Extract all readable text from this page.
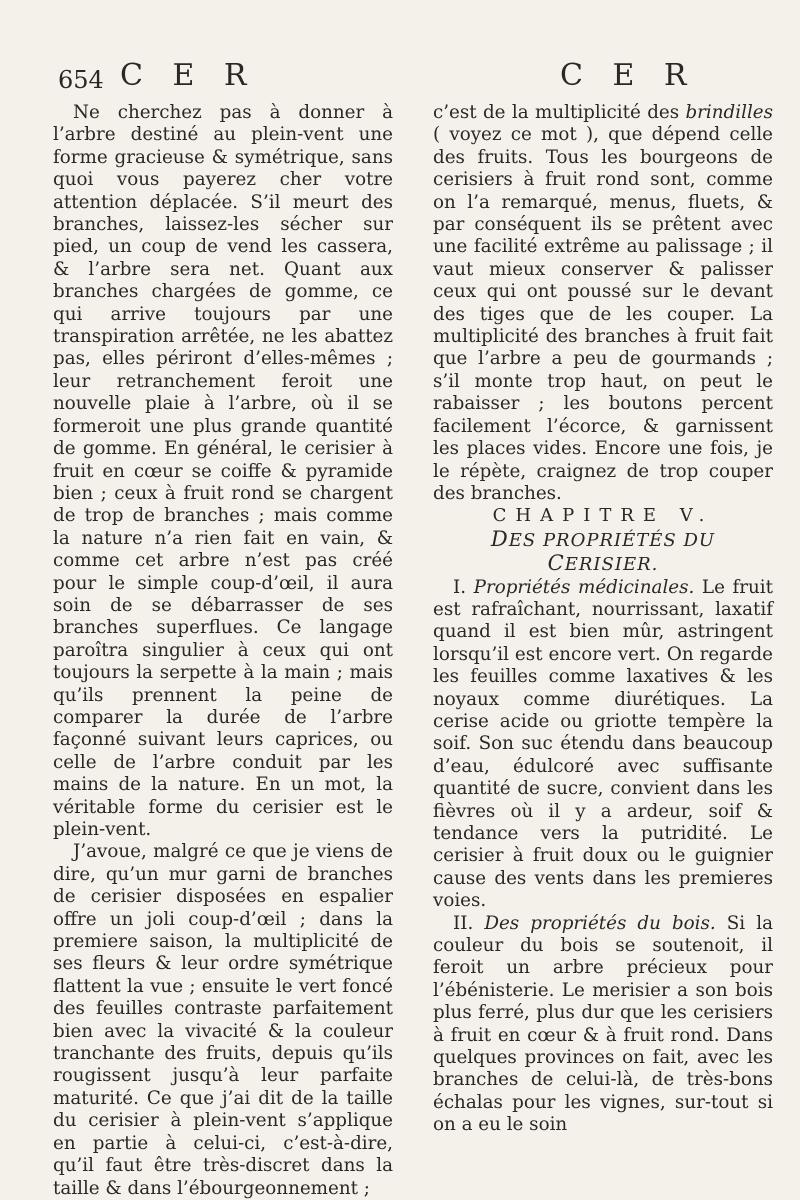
654 C E R	C E R

Ne cherchez pas à donner à l’arbre destiné au plein-vent une forme gracieuse & symétrique, sans quoi vous payerez cher votre attention déplacée. S’il meurt des branches, laissez-les sécher sur pied, un coup de vend les cassera, & l’arbre sera net. Quant aux branches chargées de gomme, ce qui arrive toujours par une transpiration arrêtée, ne les abattez pas, elles périront d’elles-mêmes ; leur retranchement feroit une nouvelle plaie à l’arbre, où il se formeroit une plus grande quantité de gomme. En général, le cerisier à fruit en cœur se coiffe & pyramide bien ; ceux à fruit rond se chargent de trop de branches ; mais comme la nature n’a rien fait en vain, & comme cet arbre n’est pas créé pour le simple coup-d’œil, il aura soin de se débarrasser de ses branches superflues. Ce langage paroîtra singulier à ceux qui ont toujours la serpette à la main ; mais qu’ils prennent la peine de comparer la durée de l’arbre façonné suivant leurs caprices, ou celle de l’arbre conduit par les mains de la nature. En un mot, la véritable forme du cerisier est le plein-vent.

J’avoue, malgré ce que je viens de dire, qu’un mur garni de branches de cerisier disposées en espalier offre un joli coup-d’œil ; dans la premiere saison, la multiplicité de ses fleurs & leur ordre symétrique flattent la vue ; ensuite le vert foncé des feuilles contraste parfaitement bien avec la vivacité & la couleur tranchante des fruits, depuis qu’ils rougissent jusqu’à leur parfaite maturité. Ce que j’ai dit de la taille du cerisier à plein-vent s’applique en partie à celui-ci, c’est-à-dire, qu’il faut être très-discret dans la taille & dans l’ébourgeonnement ;

c’est de la multiplicité des brindilles ( voyez ce mot ), que dépend celle des fruits. Tous les bourgeons de cerisiers à fruit rond sont, comme on l’a remarqué, menus, fluets, & par conséquent ils se prêtent avec une facilité extrême au palissage ; il vaut mieux conserver & palisser ceux qui ont poussé sur le devant des tiges que de les couper. La multiplicité des branches à fruit fait que l’arbre a peu de gourmands ; s’il monte trop haut, on peut le rabaisser ; les boutons percent facilement l’écorce, & garnissent les places vides. Encore une fois, je le répète, craignez de trop couper des branches.

CHAPITRE V.

DES PROPRIÉTÉS DU CERISIER.

I. Propriétés médicinales. Le fruit est rafraîchant, nourrissant, laxatif quand il est bien mûr, astringent lorsqu’il est encore vert. On regarde les feuilles comme laxatives & les noyaux comme diurétiques. La cerise acide ou griotte tempère la soif. Son suc étendu dans beaucoup d’eau, édulcoré avec suffisante quantité de sucre, convient dans les fièvres où il y a ardeur, soif & tendance vers la putridité. Le cerisier à fruit doux ou le guignier cause des vents dans les premieres voies.

II. Des propriétés du bois. Si la couleur du bois se soutenoit, il feroit un arbre précieux pour l’ébénisterie. Le merisier a son bois plus ferré, plus dur que les cerisiers à fruit en cœur & à fruit rond. Dans quelques provinces on fait, avec les branches de celui-là, de très-bons échalas pour les vignes, sur-tout si on a eu le soin
